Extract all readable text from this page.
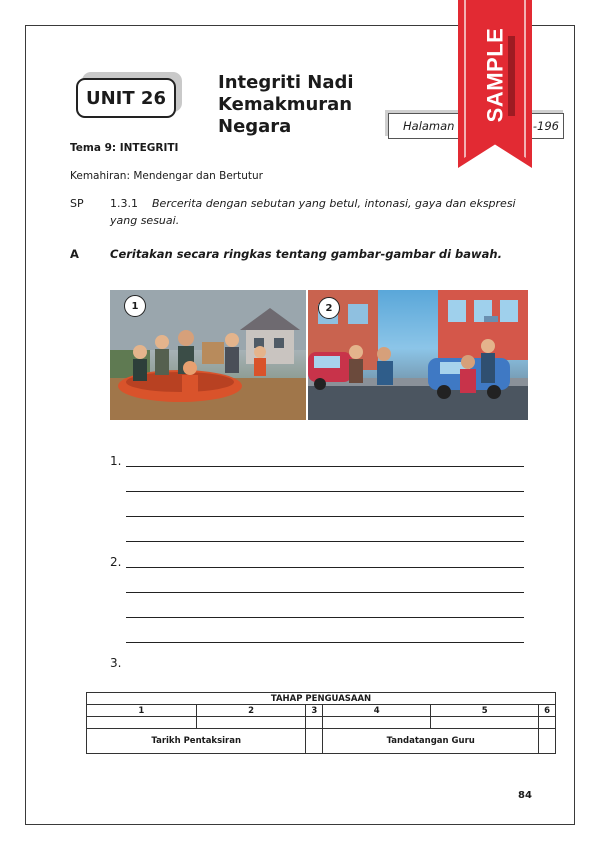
UNIT 26
Integriti Nadi Kemakmuran
Negara	Halaman	-196
SAMPLE
Tema 9: INTEGRITI
Kemahiran: Mendengar dan Bertutur
SP 1.3.1 Bercerita dengan sebutan yang betul, intonasi, gaya dan ekspresi
yang sesuai.
A	Ceritakan secara ringkas tentang gambar-gambar di bawah.
1	2
1.
2.
3.
TAHAP PENGUASAAN					
1	2	3	4	5	6

Tarikh Pentaksiran			Tandatangan Guru		
84
